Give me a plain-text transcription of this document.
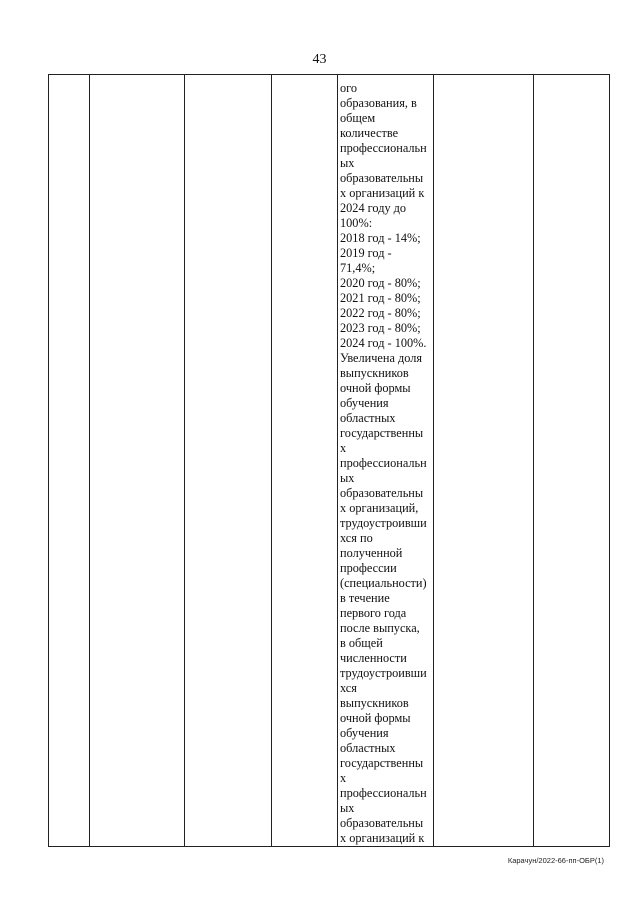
43

ого
образования, в
общем
количестве
профессиональн
ых
образовательны
х организаций к
2024 году до
100%:
2018 год - 14%;
2019 год -
71,4%;
2020 год - 80%;
2021 год - 80%;
2022 год - 80%;
2023 год - 80%;
2024 год - 100%.
Увеличена доля
выпускников
очной формы
обучения
областных
государственны
х
профессиональн
ых
образовательны
х организаций,
трудоустроивши
хся по
полученной
профессии
(специальности)
в течение
первого года
после выпуска,
в общей
численности
трудоустроивши
хся
выпускников
очной формы
обучения
областных
государственны
х
профессиональн
ых
образовательны
х организаций к

Карачун/2022-66-пп-ОБР(1)
